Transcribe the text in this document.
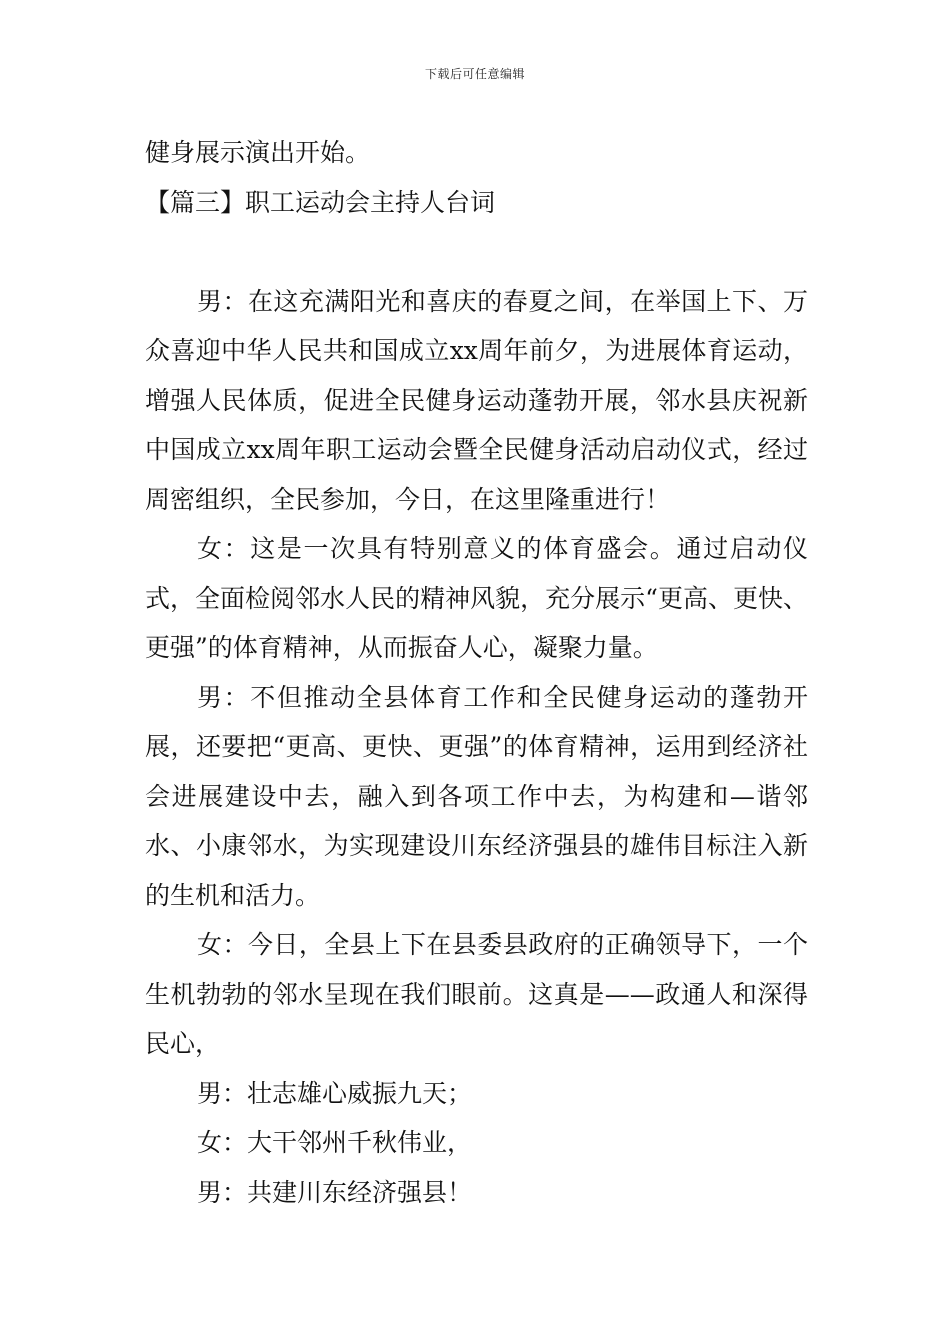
下载后可任意编辑

健身展示演出开始。

【篇三】职工运动会主持人台词

男：在这充满阳光和喜庆的春夏之间，在举国上下、万众喜迎中华人民共和国成立xx周年前夕，为进展体育运动，增强人民体质，促进全民健身运动蓬勃开展，邻水县庆祝新中国成立xx周年职工运动会暨全民健身活动启动仪式，经过周密组织，全民参加，今日，在这里隆重进行！

女：这是一次具有特别意义的体育盛会。通过启动仪式，全面检阅邻水人民的精神风貌，充分展示“更高、更快、更强”的体育精神，从而振奋人心，凝聚力量。

男：不但推动全县体育工作和全民健身运动的蓬勃开展，还要把“更高、更快、更强”的体育精神，运用到经济社会进展建设中去，融入到各项工作中去，为构建和—谐邻水、小康邻水，为实现建设川东经济强县的雄伟目标注入新的生机和活力。

女：今日，全县上下在县委县政府的正确领导下，一个生机勃勃的邻水呈现在我们眼前。这真是——政通人和深得民心，

男：壮志雄心威振九天；

女：大干邻州千秋伟业，

男：共建川东经济强县！
